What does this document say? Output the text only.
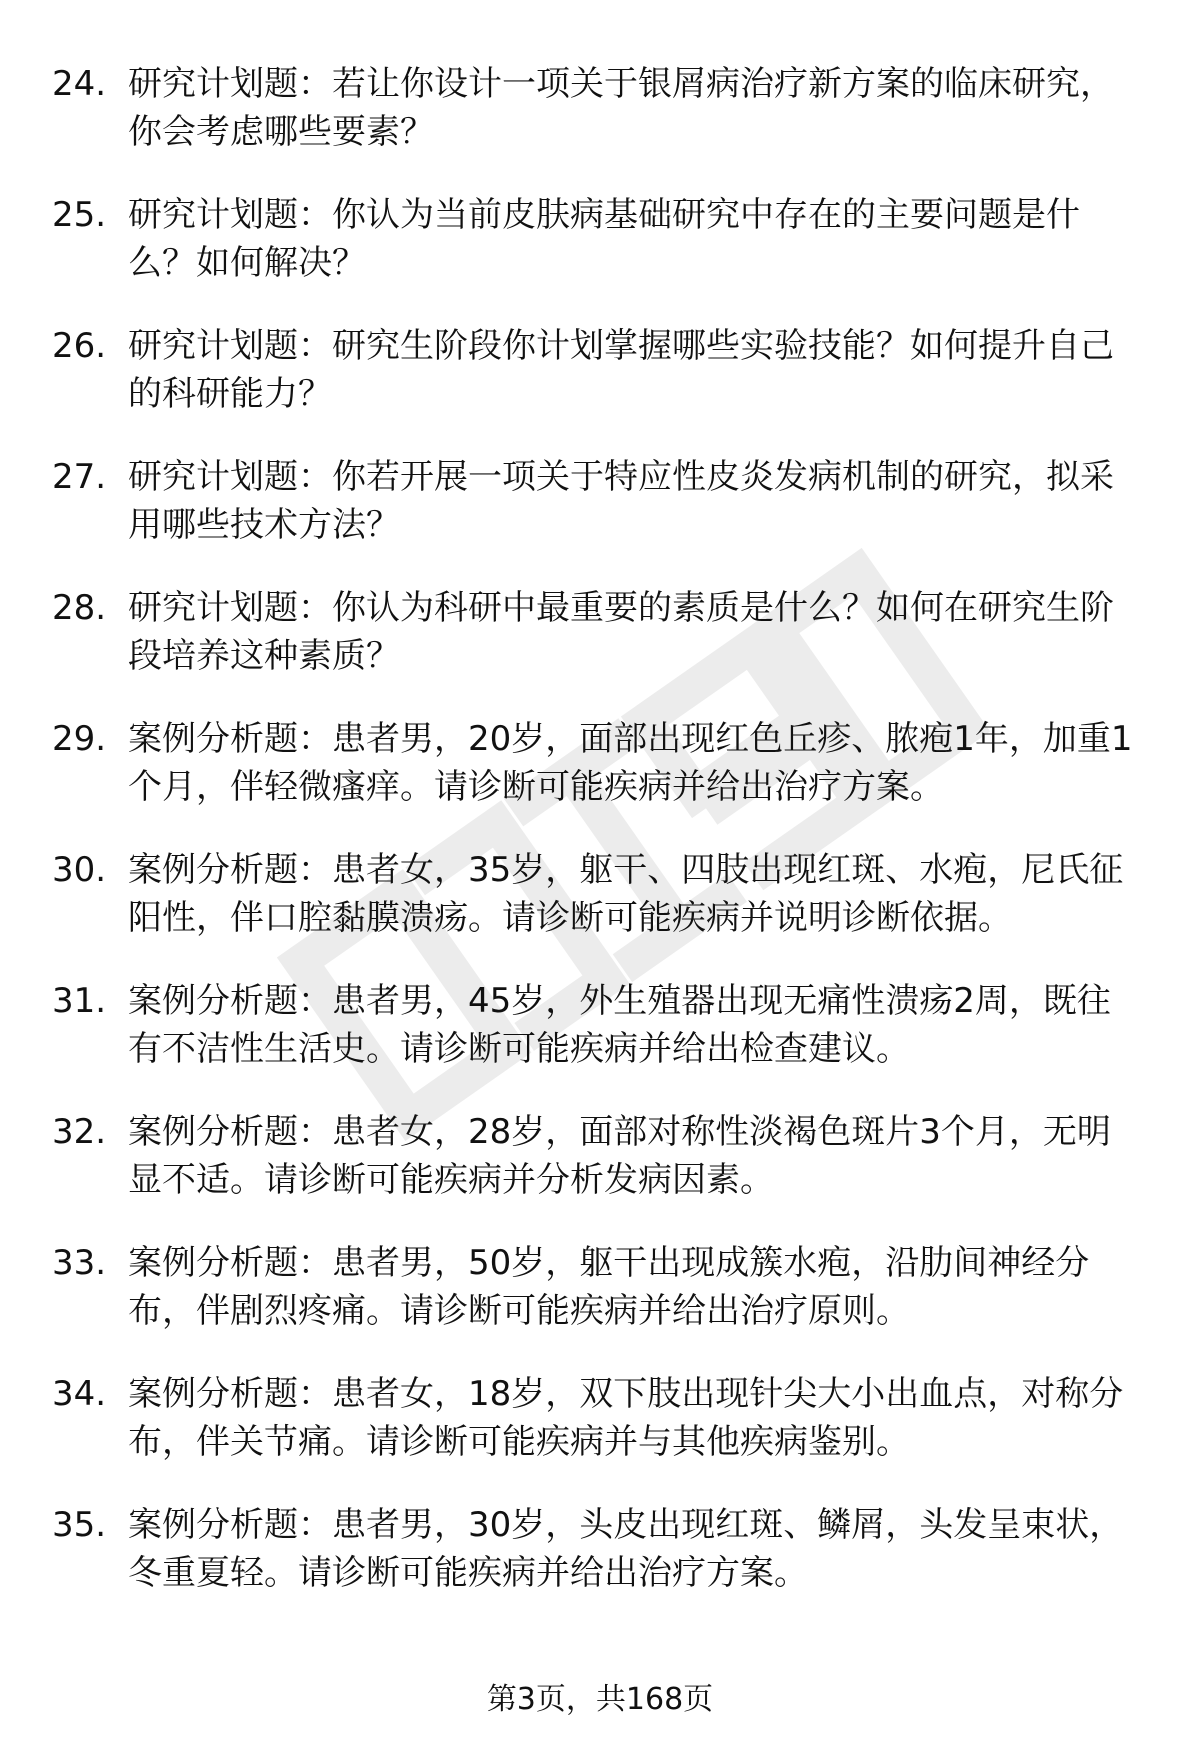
24. 研究计划题：若让你设计一项关于银屑病治疗新方案的临床研究，你会考虑哪些要素？
25. 研究计划题：你认为当前皮肤病基础研究中存在的主要问题是什么？如何解决？
26. 研究计划题：研究生阶段你计划掌握哪些实验技能？如何提升自己的科研能力？
27. 研究计划题：你若开展一项关于特应性皮炎发病机制的研究，拟采用哪些技术方法？
28. 研究计划题：你认为科研中最重要的素质是什么？如何在研究生阶段培养这种素质？
29. 案例分析题：患者男，20岁，面部出现红色丘疹、脓疱1年，加重1个月，伴轻微瘙痒。请诊断可能疾病并给出治疗方案。
30. 案例分析题：患者女，35岁，躯干、四肢出现红斑、水疱，尼氏征阳性，伴口腔黏膜溃疡。请诊断可能疾病并说明诊断依据。
31. 案例分析题：患者男，45岁，外生殖器出现无痛性溃疡2周，既往有不洁性生活史。请诊断可能疾病并给出检查建议。
32. 案例分析题：患者女，28岁，面部对称性淡褐色斑片3个月，无明显不适。请诊断可能疾病并分析发病因素。
33. 案例分析题：患者男，50岁，躯干出现成簇水疱，沿肋间神经分布，伴剧烈疼痛。请诊断可能疾病并给出治疗原则。
34. 案例分析题：患者女，18岁，双下肢出现针尖大小出血点，对称分布，伴关节痛。请诊断可能疾病并与其他疾病鉴别。
35. 案例分析题：患者男，30岁，头皮出现红斑、鳞屑，头发呈束状，冬重夏轻。请诊断可能疾病并给出治疗方案。
第3页，共168页
